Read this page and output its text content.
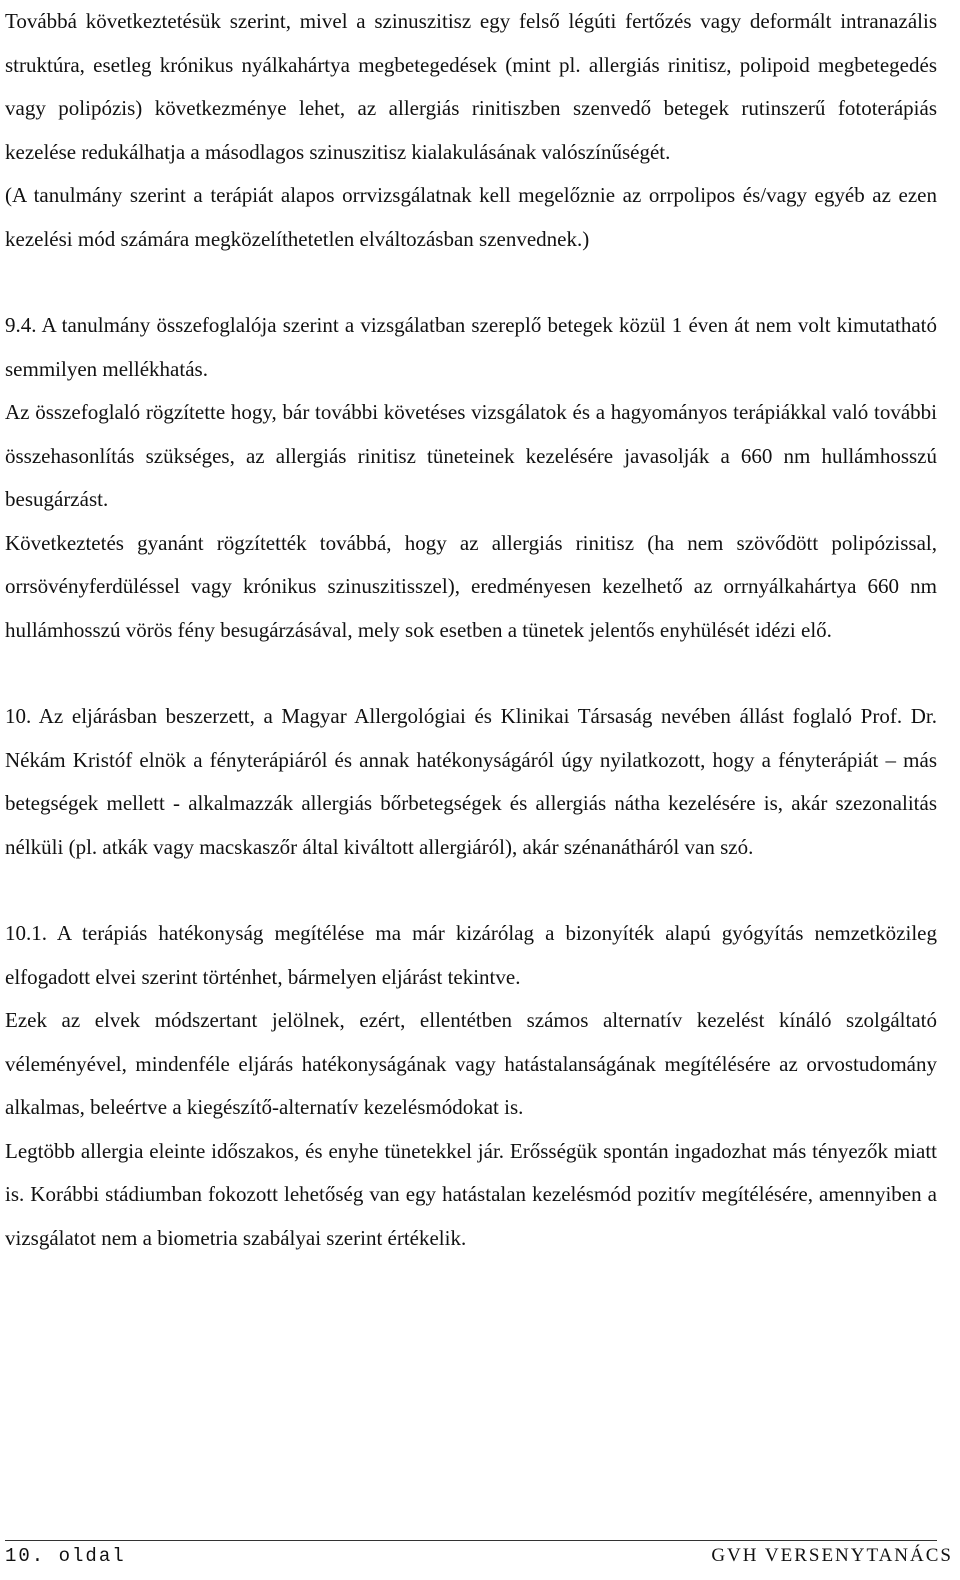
Továbbá következtetésük szerint, mivel a szinuszitisz egy felső légúti fertőzés vagy deformált intranazális struktúra, esetleg krónikus nyálkahártya megbetegedések (mint pl. allergiás rinitisz, polipoid megbetegedés vagy polipózis) következménye lehet, az allergiás rinitiszben szenvedő betegek rutinszerű fototerápiás kezelése redukálhatja a másodlagos szinuszitisz kialakulásának valószínűségét.

(A tanulmány szerint a terápiát alapos orrvizsgálatnak kell megelőznie az orrpolipos és/vagy egyéb az ezen kezelési mód számára megközelíthetetlen elváltozásban szenvednek.)

9.4. A tanulmány összefoglalója szerint a vizsgálatban szereplő betegek közül 1 éven át nem volt kimutatható semmilyen mellékhatás.

Az összefoglaló rögzítette hogy, bár további követéses vizsgálatok és a hagyományos terápiákkal való további összehasonlítás szükséges, az allergiás rinitisz tüneteinek kezelésére javasolják a 660 nm hullámhosszú besugárzást.

Következtetés gyanánt rögzítették továbbá, hogy az allergiás rinitisz (ha nem szövődött polipózissal, orrsövényferdüléssel vagy krónikus szinuszitisszel), eredményesen kezelhető az orrnyálkahártya 660 nm hullámhosszú vörös fény besugárzásával, mely sok esetben a tünetek jelentős enyhülését idézi elő.

10. Az eljárásban beszerzett, a Magyar Allergológiai és Klinikai Társaság nevében állást foglaló Prof. Dr. Nékám Kristóf elnök a fényterápiáról és annak hatékonyságáról úgy nyilatkozott, hogy a fényterápiát – más betegségek mellett - alkalmazzák allergiás bőrbetegségek és allergiás nátha kezelésére is, akár szezonalitás nélküli (pl. atkák vagy macskaszőr által kiváltott allergiáról), akár szénanátháról van szó.

10.1. A terápiás hatékonyság megítélése ma már kizárólag a bizonyíték alapú gyógyítás nemzetközileg elfogadott elvei szerint történhet, bármelyen eljárást tekintve.

Ezek az elvek módszertant jelölnek, ezért, ellentétben számos alternatív kezelést kínáló szolgáltató véleményével, mindenféle eljárás hatékonyságának vagy hatástalanságának megítélésére az orvostudomány alkalmas, beleértve a kiegészítő-alternatív kezelésmódokat is.

Legtöbb allergia eleinte időszakos, és enyhe tünetekkel jár. Erősségük spontán ingadozhat más tényezők miatt is. Korábbi stádiumban fokozott lehetőség van egy hatástalan kezelésmód pozitív megítélésére, amennyiben a vizsgálatot nem a biometria szabályai szerint értékelik.

10. oldal	GVH VERSENYTANÁCS
